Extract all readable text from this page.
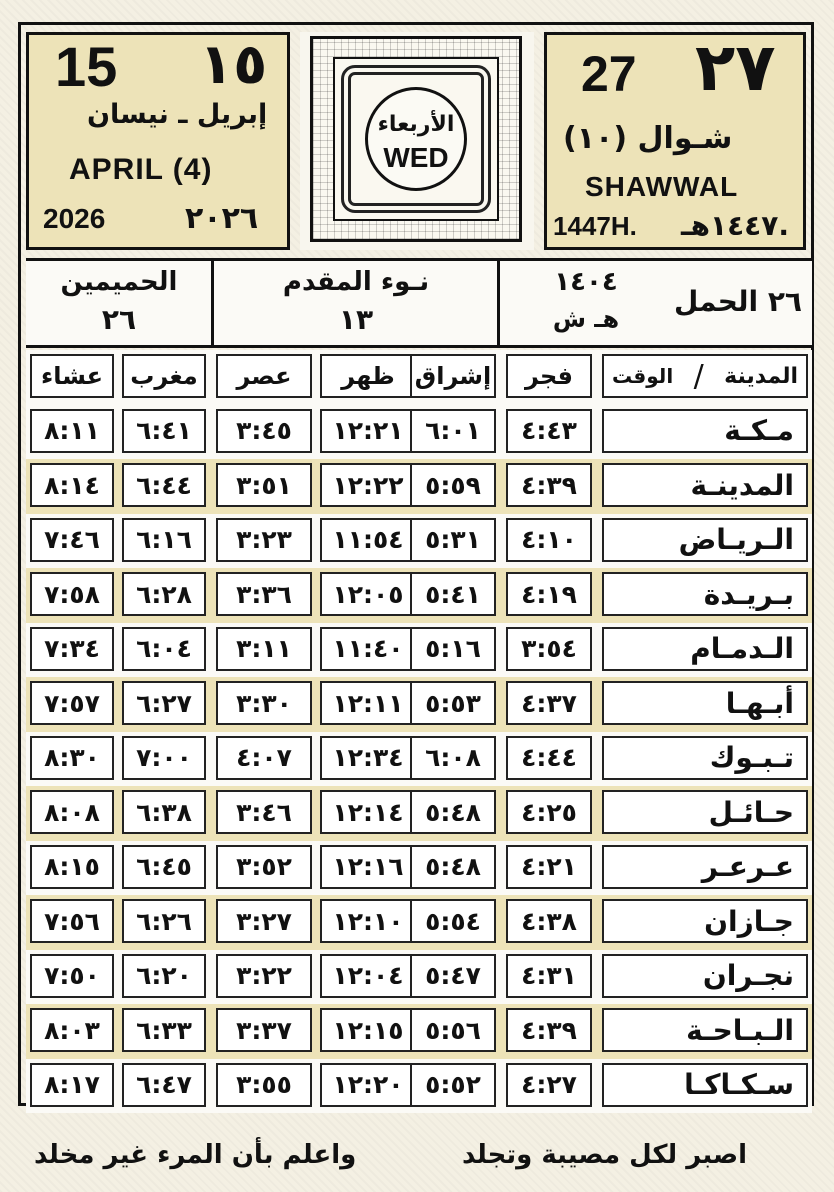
15 ١٥
إبريل ـ نيسان
APRIL (4)
2026	٢٠٢٦
الأربعاء
WED
27 ٢٧
شـوال (١٠)
SHAWWAL
1447H. ١٤٤٧هـ.
الحميمين
٢٦
نـوء المقدم
١٣
١٤٠٤
هـ ش
٢٦ الحمل
عشاء	مغرب	عصر	ظهر إشراق	فجر	الوقت / المدينة
٨:١١	٦:٤١	٣:٤٥	١٢:٢١ ٦:٠١	٤:٤٣	مـكـة
٨:١٤	٦:٤٤	٣:٥١	١٢:٢٢ ٥:٥٩	٤:٣٩	المدينـة
٧:٤٦	٦:١٦	٣:٢٣	١١:٥٤ ٥:٣١	٤:١٠	الـريـاض
٧:٥٨	٦:٢٨	٣:٣٦	١٢:٠٥ ٥:٤١	٤:١٩	بـريـدة
٧:٣٤	٦:٠٤	٣:١١	١١:٤٠ ٥:١٦	٣:٥٤	الـدمـام
٧:٥٧	٦:٢٧	٣:٣٠	١٢:١١ ٥:٥٣	٤:٣٧	أبـهـا
٨:٣٠	٧:٠٠	٤:٠٧	١٢:٣٤ ٦:٠٨	٤:٤٤	تـبـوك
٨:٠٨	٦:٣٨	٣:٤٦	١٢:١٤ ٥:٤٨	٤:٢٥	حـائـل
٨:١٥	٦:٤٥	٣:٥٢	١٢:١٦ ٥:٤٨	٤:٢١	عـرعـر
٧:٥٦	٦:٢٦	٣:٢٧	١٢:١٠ ٥:٥٤	٤:٣٨	جـازان
٧:٥٠	٦:٢٠	٣:٢٢	١٢:٠٤ ٥:٤٧	٤:٣١	نجـران
٨:٠٣	٦:٣٣	٣:٣٧	١٢:١٥ ٥:٥٦	٤:٣٩	الـبـاحـة
٨:١٧	٦:٤٧	٣:٥٥	١٢:٢٠ ٥:٥٢	٤:٢٧	سـكـاكـا
اصبر لكل مصيبة وتجلد
واعلم بأن المرء غير مخلد
